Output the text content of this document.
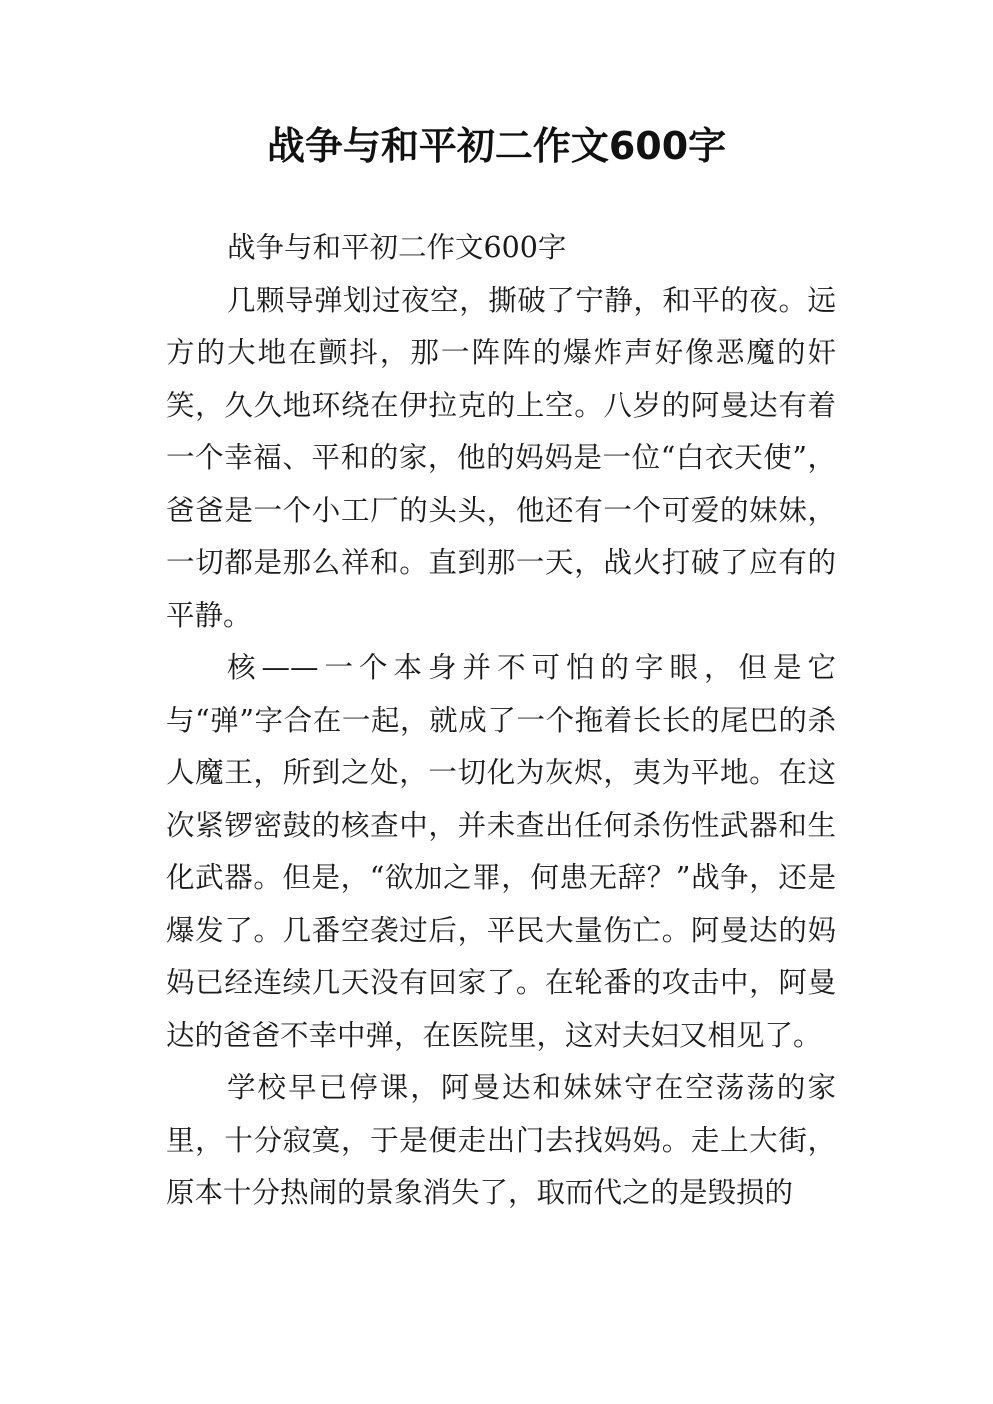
战争与和平初二作文600字

战争与和平初二作文600字

几颗导弹划过夜空，撕破了宁静，和平的夜。远方的大地在颤抖，那一阵阵的爆炸声好像恶魔的奸笑，久久地环绕在伊拉克的上空。八岁的阿曼达有着一个幸福、平和的家，他的妈妈是一位“白衣天使”，爸爸是一个小工厂的头头，他还有一个可爱的妹妹，一切都是那么祥和。直到那一天，战火打破了应有的平静。

核——一个本身并不可怕的字眼，但是它与“弹”字合在一起，就成了一个拖着长长的尾巴的杀人魔王，所到之处，一切化为灰烬，夷为平地。在这次紧锣密鼓的核查中，并未查出任何杀伤性武器和生化武器。但是，“欲加之罪，何患无辞？”战争，还是爆发了。几番空袭过后，平民大量伤亡。阿曼达的妈妈已经连续几天没有回家了。在轮番的攻击中，阿曼达的爸爸不幸中弹，在医院里，这对夫妇又相见了。

学校早已停课，阿曼达和妹妹守在空荡荡的家里，十分寂寞，于是便走出门去找妈妈。走上大街，原本十分热闹的景象消失了，取而代之的是毁损的
